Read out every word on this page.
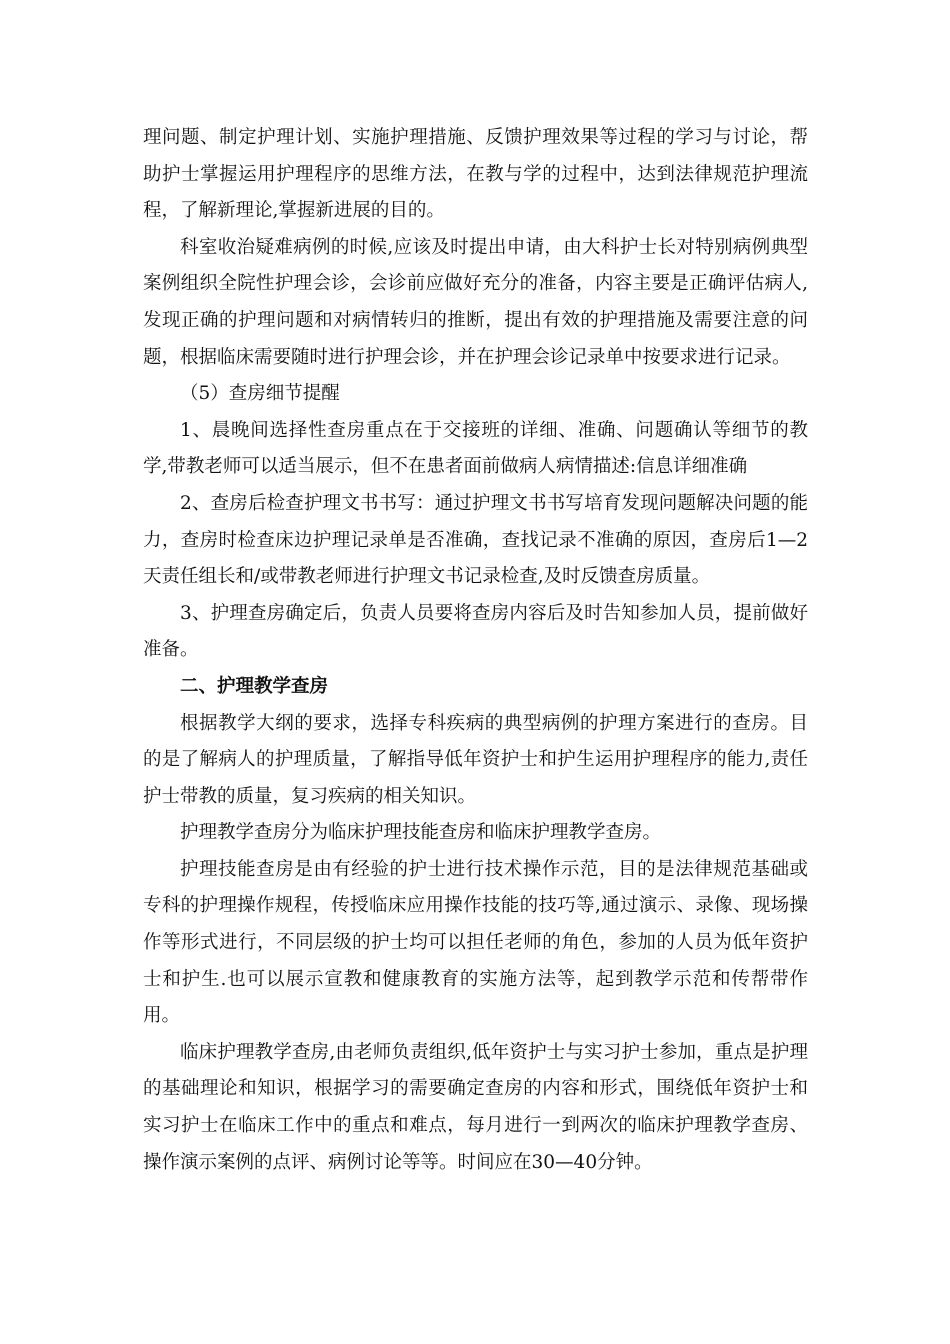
理问题、制定护理计划、实施护理措施、反馈护理效果等过程的学习与讨论，帮助护士掌握运用护理程序的思维方法，在教与学的过程中，达到法律规范护理流程，了解新理论,掌握新进展的目的。

科室收治疑难病例的时候,应该及时提出申请，由大科护士长对特别病例典型案例组织全院性护理会诊，会诊前应做好充分的准备，内容主要是正确评估病人,发现正确的护理问题和对病情转归的推断，提出有效的护理措施及需要注意的问题，根据临床需要随时进行护理会诊，并在护理会诊记录单中按要求进行记录。

（5）查房细节提醒

1、晨晚间选择性查房重点在于交接班的详细、准确、问题确认等细节的教学,带教老师可以适当展示，但不在患者面前做病人病情描述:信息详细准确

2、查房后检查护理文书书写：通过护理文书书写培育发现问题解决问题的能力，查房时检查床边护理记录单是否准确，查找记录不准确的原因，查房后1—2天责任组长和/或带教老师进行护理文书记录检查,及时反馈查房质量。

3、护理查房确定后，负责人员要将查房内容后及时告知参加人员，提前做好准备。

二、护理教学查房

根据教学大纲的要求，选择专科疾病的典型病例的护理方案进行的查房。目的是了解病人的护理质量，了解指导低年资护士和护生运用护理程序的能力,责任护士带教的质量，复习疾病的相关知识。

护理教学查房分为临床护理技能查房和临床护理教学查房。

护理技能查房是由有经验的护士进行技术操作示范，目的是法律规范基础或专科的护理操作规程，传授临床应用操作技能的技巧等,通过演示、录像、现场操作等形式进行，不同层级的护士均可以担任老师的角色，参加的人员为低年资护士和护生.也可以展示宣教和健康教育的实施方法等，起到教学示范和传帮带作用。

临床护理教学查房,由老师负责组织,低年资护士与实习护士参加，重点是护理的基础理论和知识，根据学习的需要确定查房的内容和形式，围绕低年资护士和实习护士在临床工作中的重点和难点，每月进行一到两次的临床护理教学查房、操作演示案例的点评、病例讨论等等。时间应在30—40分钟。
